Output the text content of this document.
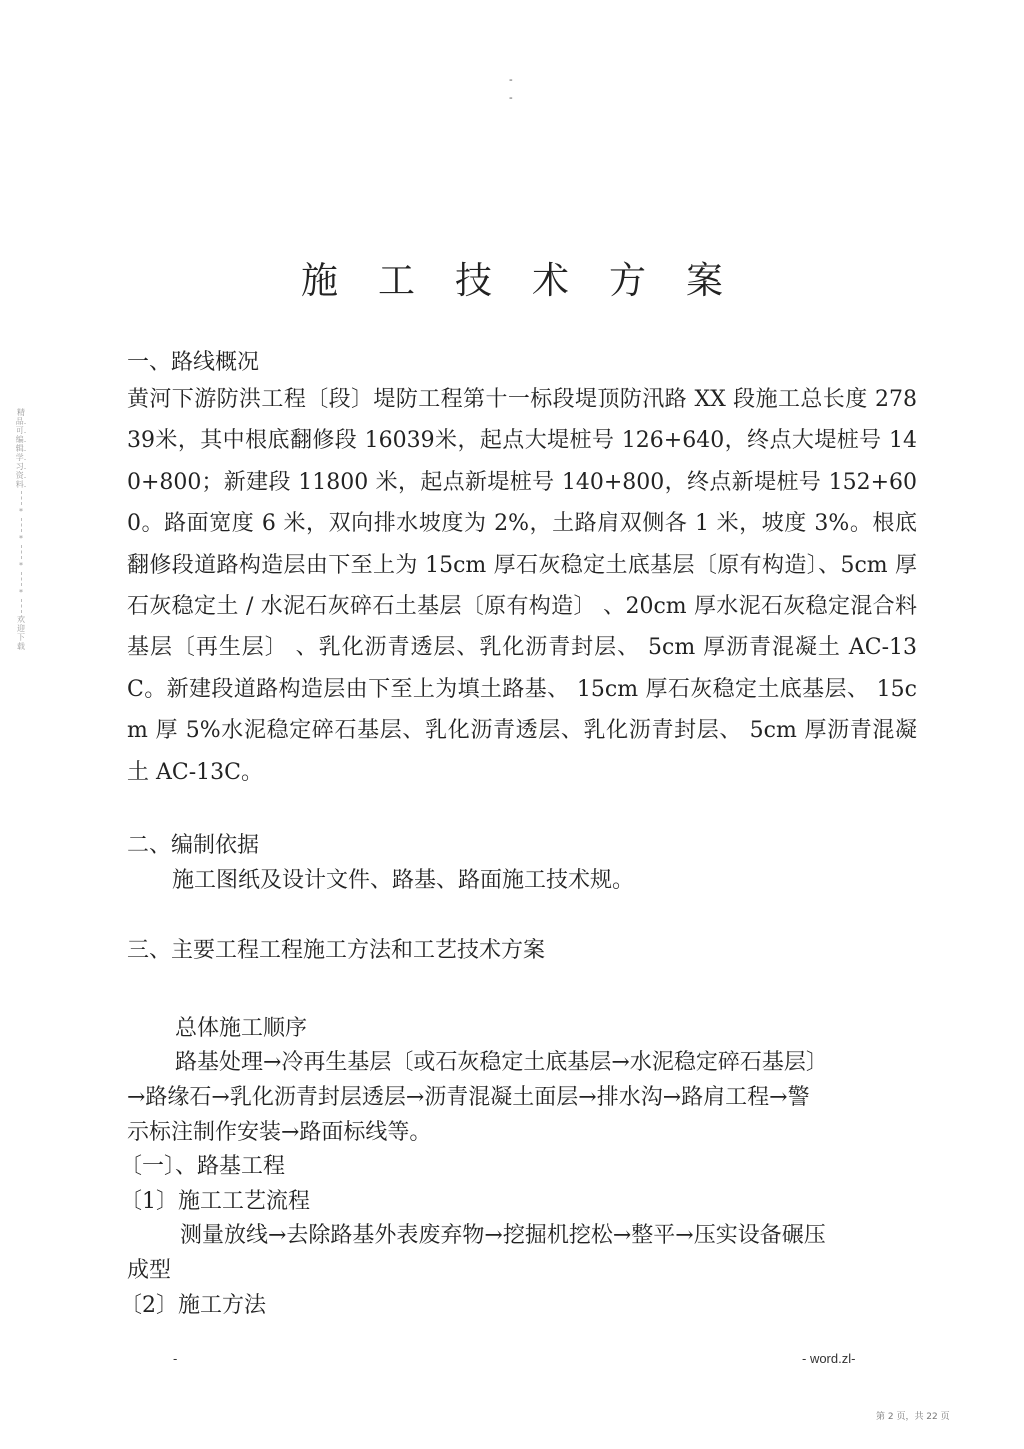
-
-
精品.可.编.辑.学.习.资.料.
*
*
*
*
欢迎下载
施工技术方案
一、路线概况
黄河下游防洪工程〔段〕堤防工程第十一标段堤顶防汛路 XX 段施工总长度 27839米，其中根底翻修段 16039米，起点大堤桩号 126+640，终点大堤桩号 140+800；新建段 11800 米，起点新堤桩号 140+800，终点新堤桩号 152+600。路面宽度 6 米，双向排水坡度为 2%，土路肩双侧各 1 米，坡度 3%。根底翻修段道路构造层由下至上为 15cm 厚石灰稳定土底基层〔原有构造〕、5cm 厚石灰稳定土 / 水泥石灰碎石土基层〔原有构造〕 、20cm 厚水泥石灰稳定混合料基层〔再生层〕 、乳化沥青透层、乳化沥青封层、 5cm 厚沥青混凝土 AC-13C。新建段道路构造层由下至上为填土路基、 15cm 厚石灰稳定土底基层、 15cm 厚 5%水泥稳定碎石基层、乳化沥青透层、乳化沥青封层、 5cm 厚沥青混凝土 AC-13C。
二、编制依据
施工图纸及设计文件、路基、路面施工技术规。
三、主要工程工程施工方法和工艺技术方案
总体施工顺序
路基处理→冷再生基层〔或石灰稳定土底基层→水泥稳定碎石基层〕
→路缘石→乳化沥青封层透层→沥青混凝土面层→排水沟→路肩工程→警
示标注制作安装→路面标线等。
〔一〕、路基工程
〔1〕施工工艺流程
测量放线→去除路基外表废弃物→挖掘机挖松→整平→压实设备碾压
成型
〔2〕施工方法
-	- word.zl-
第 2 页，共 22 页
